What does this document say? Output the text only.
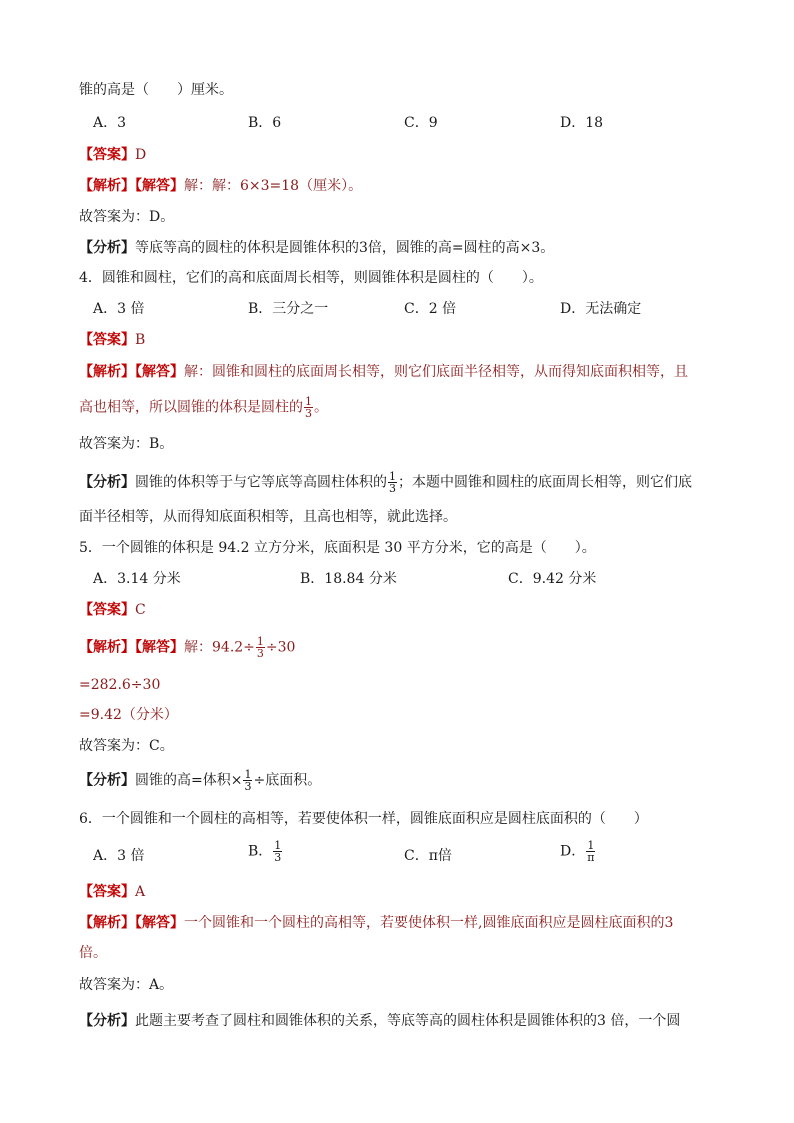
锥的高是（　　）厘米。
A．3	B．6	C．9	D．18
【答案】D
【解析】【解答】解：解：6×3=18（厘米）。
故答案为：D。
【分析】等底等高的圆柱的体积是圆锥体积的3倍，圆锥的高=圆柱的高×3。
4．圆锥和圆柱，它们的高和底面周长相等，则圆锥体积是圆柱的（　　）。
A．3 倍	B．三分之一	C．2 倍	D．无法确定
【答案】B
【解析】【解答】解：圆锥和圆柱的底面周长相等，则它们底面半径相等，从而得知底面积相等，且
高也相等，所以圆锥的体积是圆柱的 $\frac{1}{3}$ 。
故答案为：B。
【分析】圆锥的体积等于与它等底等高圆柱体积的 $\frac{1}{3}$ ；本题中圆锥和圆柱的底面周长相等，则它们底
面半径相等，从而得知底面积相等，且高也相等，就此选择。
5．一个圆锥的体积是 94.2 立方分米，底面积是 30 平方分米，它的高是（　　）。
A．3.14 分米	B．18.84 分米	C．9.42 分米
【答案】C
【解析】【解答】解：$94.2\div \frac{1}{3} \div 30$
=282.6÷30
=9.42（分米）
故答案为：C。
【分析】圆锥的高=体积× $\frac{1}{3}$ ÷底面积。
6．一个圆锥和一个圆柱的高相等，若要使体积一样，圆锥底面积应是圆柱底面积的（　　）
A．3 倍	B． $\frac{1}{3}$	C．π倍	D． $\frac{1}{\pi}$
【答案】A
【解析】【解答】一个圆锥和一个圆柱的高相等，若要使体积一样,圆锥底面积应是圆柱底面积的3
倍。
故答案为：A。
【分析】此题主要考查了圆柱和圆锥体积的关系，等底等高的圆柱体积是圆锥体积的3 倍，一个圆
